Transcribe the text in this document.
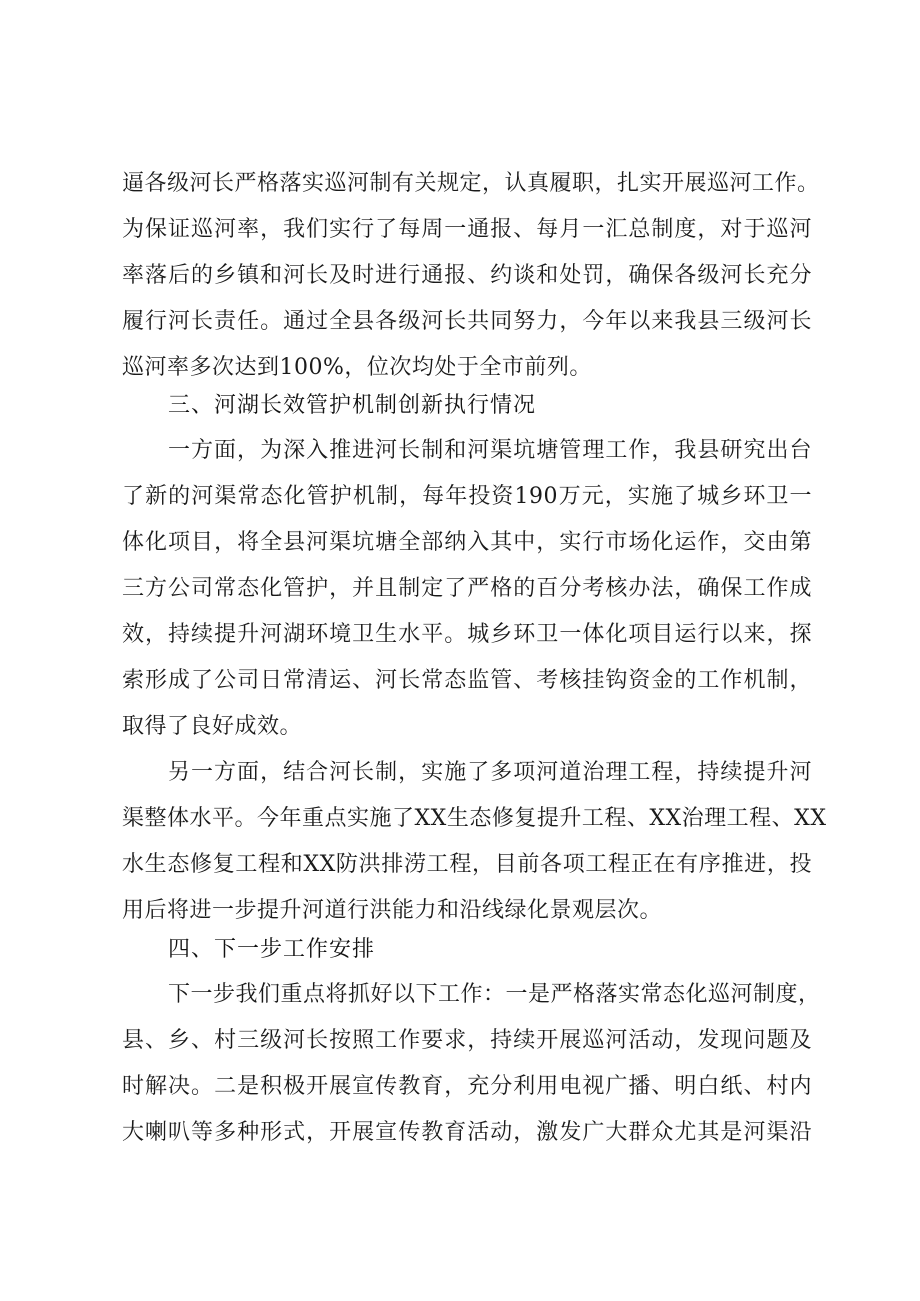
逼各级河长严格落实巡河制有关规定，认真履职，扎实开展巡河工作。
为保证巡河率，我们实行了每周一通报、每月一汇总制度，对于巡河
率落后的乡镇和河长及时进行通报、约谈和处罚，确保各级河长充分
履行河长责任。通过全县各级河长共同努力，今年以来我县三级河长
巡河率多次达到100%，位次均处于全市前列。
三、河湖长效管护机制创新执行情况
一方面，为深入推进河长制和河渠坑塘管理工作，我县研究出台
了新的河渠常态化管护机制，每年投资190万元，实施了城乡环卫一
体化项目，将全县河渠坑塘全部纳入其中，实行市场化运作，交由第
三方公司常态化管护，并且制定了严格的百分考核办法，确保工作成
效，持续提升河湖环境卫生水平。城乡环卫一体化项目运行以来，探
索形成了公司日常清运、河长常态监管、考核挂钩资金的工作机制，
取得了良好成效。
另一方面，结合河长制，实施了多项河道治理工程，持续提升河
渠整体水平。今年重点实施了XX生态修复提升工程、XX治理工程、XX
水生态修复工程和XX防洪排涝工程，目前各项工程正在有序推进，投
用后将进一步提升河道行洪能力和沿线绿化景观层次。
四、下一步工作安排
下一步我们重点将抓好以下工作：一是严格落实常态化巡河制度，
县、乡、村三级河长按照工作要求，持续开展巡河活动，发现问题及
时解决。二是积极开展宣传教育，充分利用电视广播、明白纸、村内
大喇叭等多种形式，开展宣传教育活动，激发广大群众尤其是河渠沿
